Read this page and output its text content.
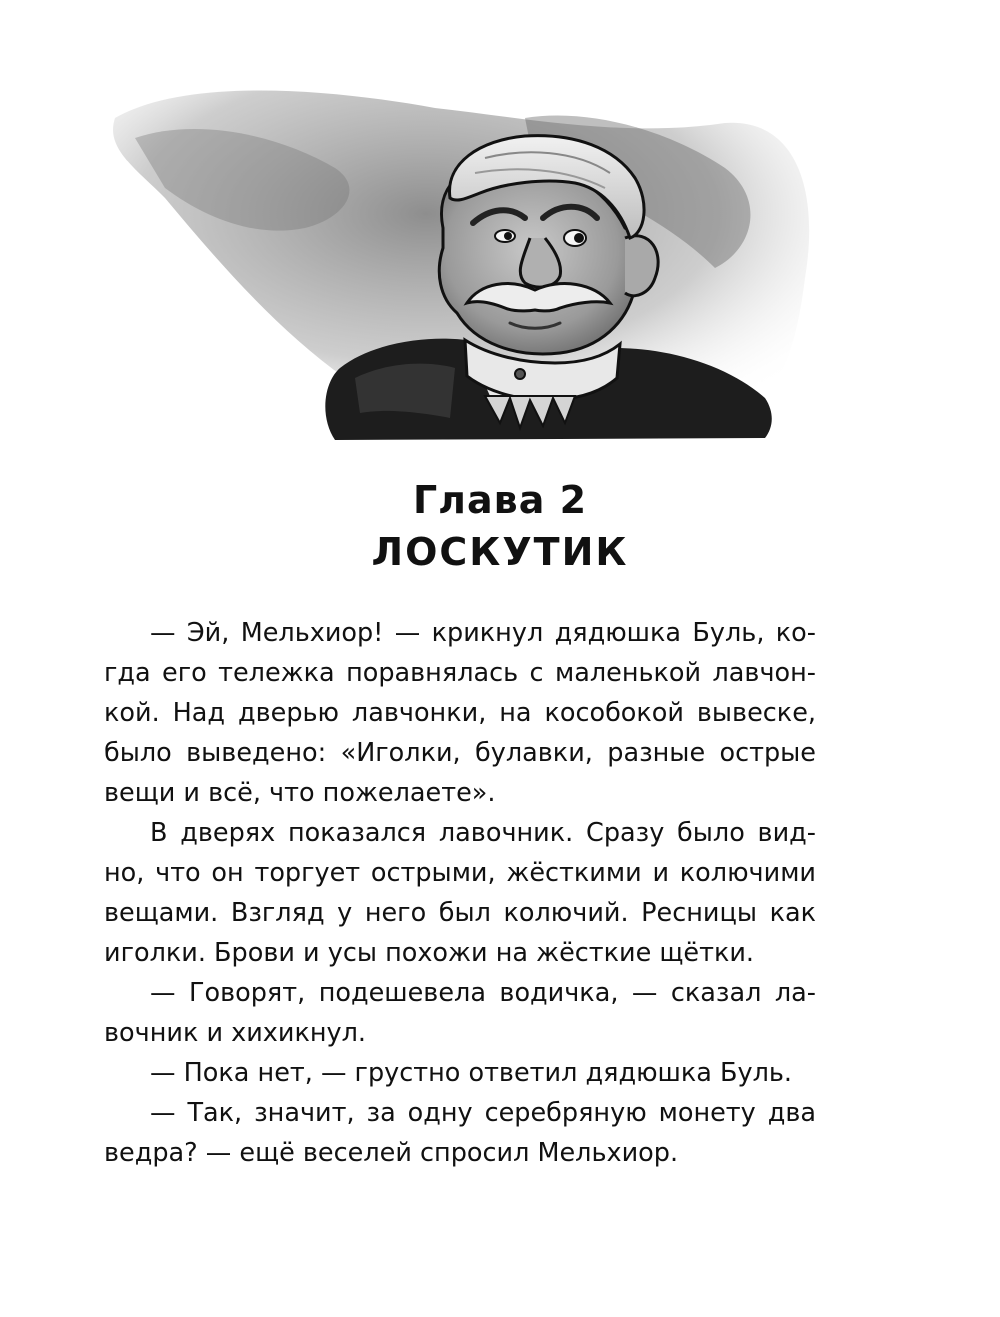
Глава 2
ЛОСКУТИК

— Эй, Мельхиор! — крикнул дядюшка Буль, когда его тележка поравнялась с маленькой лавчонкой. Над дверью лавчонки, на кособокой вывеске, было выведено: «Иголки, булавки, разные острые вещи и всё, что пожелаете».

В дверях показался лавочник. Сразу было видно, что он торгует острыми, жёсткими и колючими вещами. Взгляд у него был колючий. Ресницы как иголки. Брови и усы похожи на жёсткие щётки.

— Говорят, подешевела водичка, — сказал лавочник и хихикнул.

— Пока нет, — грустно ответил дядюшка Буль.

— Так, значит, за одну серебряную монету два ведра? — ещё веселей спросил Мельхиор.
